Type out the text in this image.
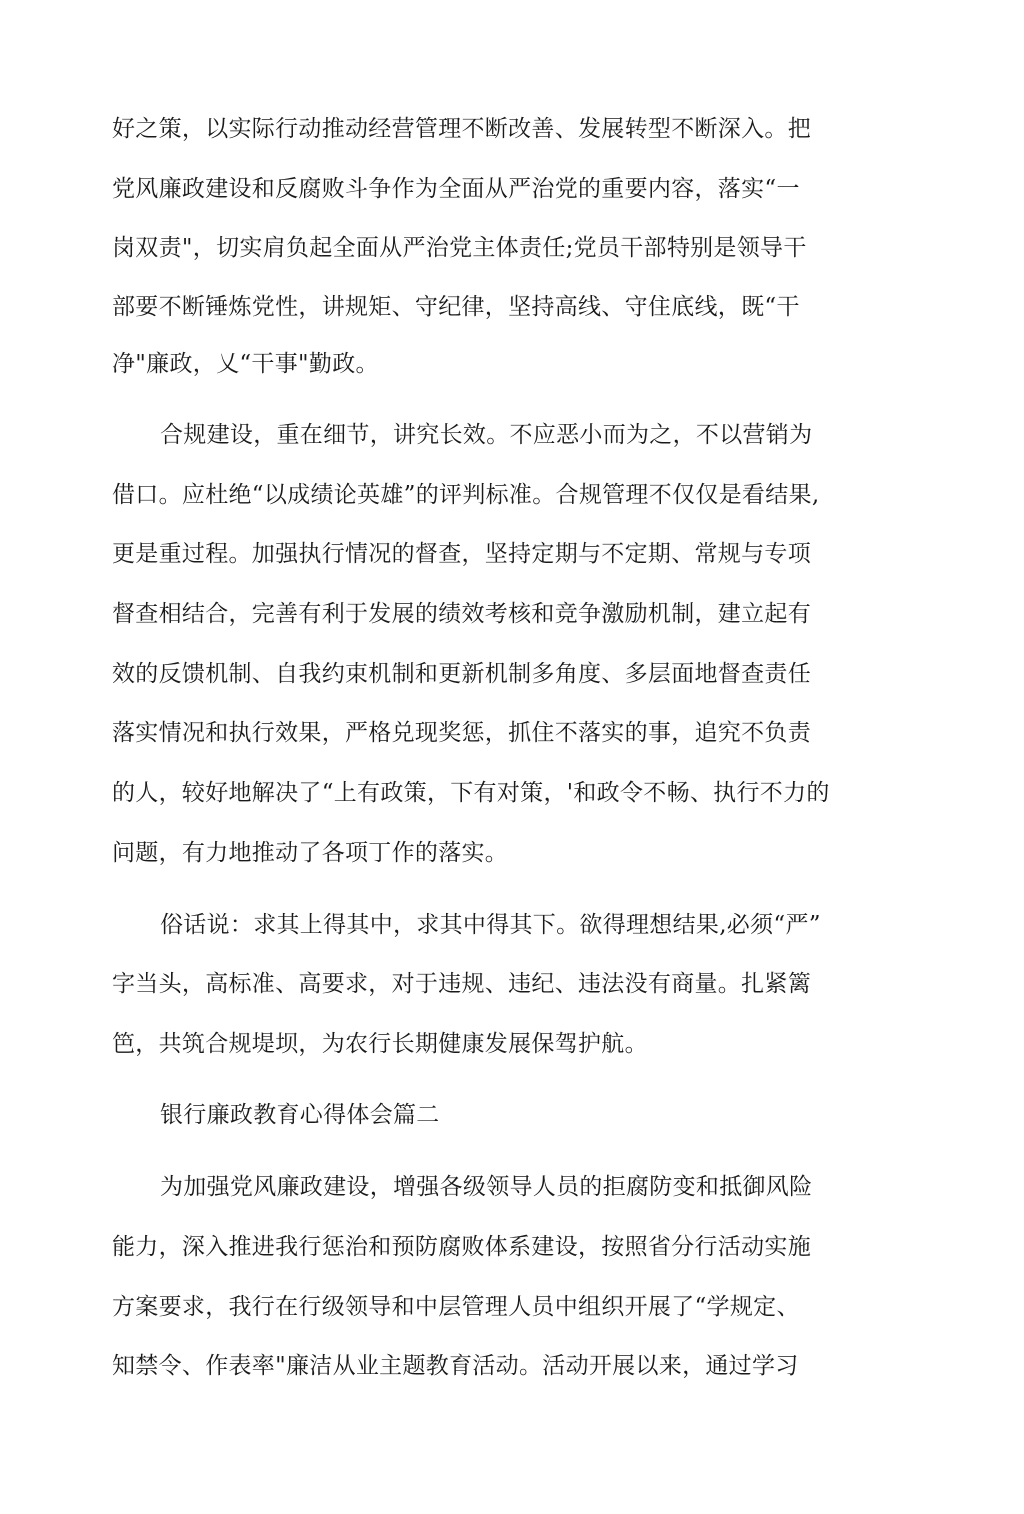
好之策，以实际行动推动经营管理不断改善、发展转型不断深入。把
党风廉政建设和反腐败斗争作为全面从严治党的重要内容，落实“一
岗双责"，切实肩负起全面从严治党主体责任;党员干部特别是领导干
部要不断锤炼党性，讲规矩、守纪律，坚持高线、守住底线，既“干
净"廉政，乂“干事"勤政。
合规建设，重在细节，讲究长效。不应恶小而为之，不以营销为
借口。应杜绝“以成绩论英雄”的评判标准。合规管理不仅仅是看结果,
更是重过程。加强执行情况的督查，坚持定期与不定期、常规与专项
督查相结合，完善有利于发展的绩效考核和竞争激励机制，建立起有
效的反馈机制、自我约束机制和更新机制多角度、多层面地督查责任
落实情况和执行效果，严格兑现奖惩，抓住不落实的事，追究不负责
的人，较好地解决了“上有政策，下有对策，'和政令不畅、执行不力的
问题，有力地推动了各项丁作的落实。
俗话说：求其上得其中，求其中得其下。欲得理想结果,必须“严”
字当头，高标准、高要求，对于违规、违纪、违法没有商量。扎紧篱
笆，共筑合规堤坝，为农行长期健康发展保驾护航。
银行廉政教育心得体会篇二
为加强党风廉政建设，增强各级领导人员的拒腐防变和抵御风险
能力，深入推进我行惩治和预防腐败体系建设，按照省分行活动实施
方案要求，我行在行级领导和中层管理人员中组织开展了“学规定、
知禁令、作表率"廉洁从业主题教育活动。活动开展以来，通过学习
